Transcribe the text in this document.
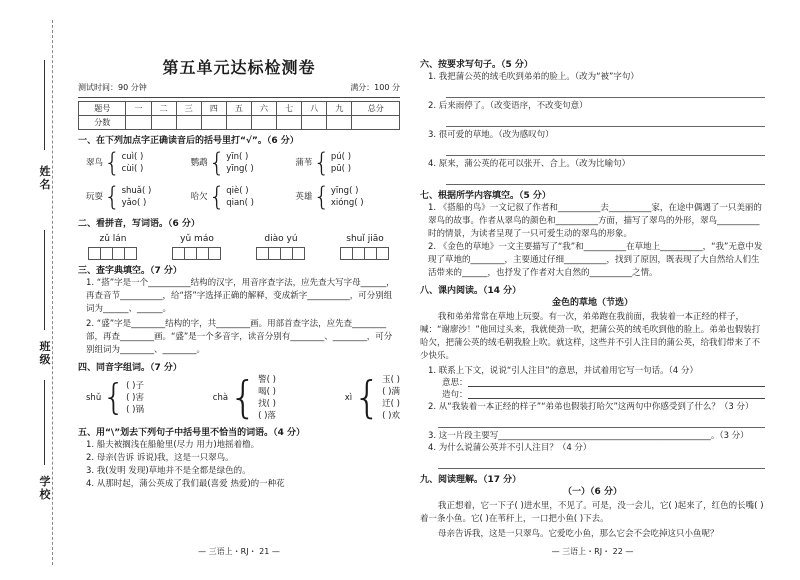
姓名
班级
学校
第五单元达标检测卷
测试时间：90 分钟	满分：100 分
题号	一	二	三	四	五	六	七	八	九	总分
分数										
一、在下列加点字正确读音后的括号里打“√”。（6 分）
翠鸟 { cuì( )
cùi( )
鹦鹉 { yīn( )
yīng( )
蒲苇 { pú( )
pū( )
玩耍 { shuǎ( )
yǎo( )
哈欠 { qiè( )
qian( )
英雄 { yīng( )
xióng( )
二、看拼音，写词语。（6 分）
zǔ lán	yǔ máo	diào yú	shuǐ jiāo
三、查字典填空。（7 分）
1. “搭”字是一个__________结构的汉字，用音序查字法，应先查大写字母______，再查音节__________，给“搭”字选择正确的解释，变成新字__________，可分别组词为______、______。
2. “盛”字是________结构的字，共________画。用部首查字法，应先查________部，再查________画。“盛”是一个多音字，读音分别有________、________，可分别组词为________、________。
四、同音字组词。（7 分）
shǔ { ( )子
( )害
( )锅
chà { 警( )
喝( )
找( )
( )落
xì { 玉( )
( )满
迁( )
( )欢
五、用“\”划去下列句子中括号里不恰当的词语。（4 分）
1. 船夫被搁浅在船舱里(尽力 用力)地摇着橹。
2. 母亲(告诉 诉说)我，这是一只翠鸟。
3. 我(发明 发现)草地并不是全都是绿色的。
4. 从那时起，蒲公英成了我们最(喜爱 热爱)的一种花
— 三语上・RJ・ 21 —
六、按要求写句子。（5 分）
1. 我把蒲公英的绒毛吹到弟弟的脸上。（改为“被”字句）
2. 后来雨停了。（改变语序，不改变句意）
3. 很可爱的草地。（改为感叹句）
4. 原来，蒲公英的花可以张开、合上。（改为比喻句）
七、根据所学内容填空。（5 分）
1. 《搭船的鸟》一文记叙了作者和__________去__________家，在途中偶遇了一只美丽的翠鸟的故事。作者从翠鸟的颜色和__________方面，描写了翠鸟的外形，翠鸟__________时的情景，为读者呈现了一只可爱生动的翠鸟的形象。
2. 《金色的草地》一文主要描写了“我”和__________在草地上__________，“我”无意中发现了草地的________，主要通过仔细__________，找到了原因，既表现了大自然给人们生活带来的______，也抒发了作者对大自然的__________之情。
八、课内阅读。（14 分）
金色的草地（节选）
我和弟弟常常在草地上玩耍。有一次，弟弟跑在我前面，我装着一本正经的样子，喊：“谢廖沙！”他回过头来，我就使劲一吹，把蒲公英的绒毛吹到他的脸上。弟弟也假装打哈欠，把蒲公英的绒毛朝我脸上吹。就这样，这些并不引人注目的蒲公英，给我们带来了不少快乐。
1. 联系上下文，说说“引人注目”的意思，并试着用它写一句话。（4 分）
意思：
造句：
2. 从“我装着一本正经的样子”“弟弟也假装打哈欠”这两句中你感受到了什么？（3 分）
3. 这一片段主要写__________________________________________________。（3 分）
4. 为什么说蒲公英并不引人注目？（4 分）
九、阅读理解。（17 分）
（一）（6 分）
我正想着，它一下子( )进水里，不见了。可是，没一会儿，它( )起来了，红色的长嘴( )着一条小鱼。它( )在苇秆上，一口把小鱼( )下去。
母亲告诉我，这是一只翠鸟。它爱吃小鱼，那么它会不会吃掉这只小鱼呢？
— 三语上・RJ・ 22 —
